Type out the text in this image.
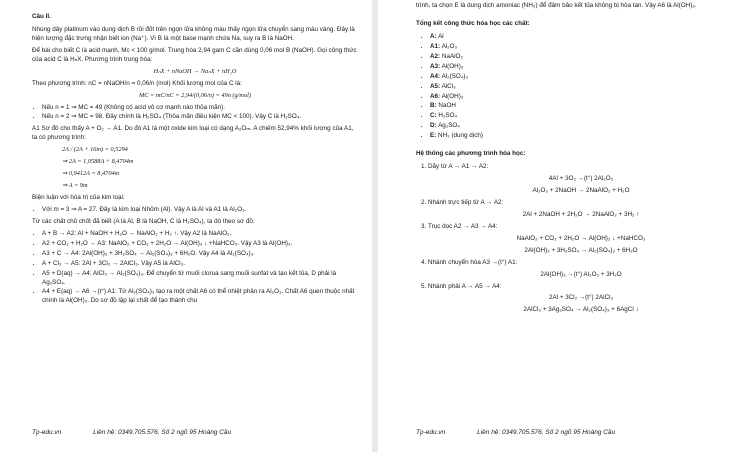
Câu II.

Nhúng dây platinum vào dung dịch B rồi đốt trên ngọn lửa không màu thấy ngọn lửa chuyển sang màu vàng. Đây là hiện tượng đặc trưng nhận biết ion (Na⁺). Vì B là một base mạnh chứa Na, suy ra B là NaOH.

Để bài cho biết C là acid mạnh, Mc < 100 g/mol. Trung hòa 2,94 gam C cần dùng 0,06 mol B (NaOH). Gọi công thức của acid C là HₙX. Phương trình trung hòa:

HₙX + nNaOH → NaₙX + nH₂O

Theo phương trình: nC = nNaOH/n = 0,06/n (mol) Khối lượng mol của C là:

MC = mC/nC = 2,94/(0,06/n) = 49n (g/mol)

• Nếu n = 1 ⇒ MC = 49 (Không có acid vô cơ mạnh nào thỏa mãn).
• Nếu n = 2 ⇒ MC = 98. Đây chính là H₂SO₄ (Thỏa mãn điều kiện MC < 100). Vậy C là H₂SO₄.

A1 Sơ đồ cho thấy A + O₂ → A1. Do đó A1 là một oxide kim loại có dạng A₂Oₘ. A chiếm 52,94% khối lượng của A1, ta có phương trình:

2A / (2A + 16m) = 0,5294

⇒ 2A = 1,0588A + 8,4704m

⇒ 0,9412A = 8,4704m

⇒ A = 9m

Biện luận với hóa trị của kim loại:

• Với m = 3 ⇒ A = 27. Đây là kim loại Nhôm (Al). Vậy A là Al và A1 là Al₂O₃.

Từ các chất chủ chốt đã biết (A là Al, B là NaOH, C là H₂SO₄), ta dò theo sơ đồ:

• A + B → A2: Al + NaOH + H₂O → NaAlO₂ + H₂ ↑. Vậy A2 là NaAlO₂.
• A2 + CO₂ + H₂O → A3: NaAlO₂ + CO₂ + 2H₂O → Al(OH)₃ ↓ +NaHCO₃. Vậy A3 là Al(OH)₃.
• A3 + C → A4: 2Al(OH)₃ + 3H₂SO₄ → Al₂(SO₄)₃ + 6H₂O. Vậy A4 là Al₂(SO₄)₃.
• A + Cl₂ → A5: 2Al + 3Cl₂ → 2AlCl₃. Vậy A5 là AlCl₃.
• A5 + D(aq) → A4: AlCl₃ → Al₂(SO₄)₃. Để chuyển từ muối clorua sang muối sunfat và tạo kết tủa, D phải là Ag₂SO₄.
• A4 + E(aq) → A6 →(t°) A1: Từ Al₂(SO₄)₃ tạo ra một chất A6 có thể nhiệt phân ra Al₂O₃. Chất A6 quen thuộc nhất chính là Al(OH)₃. Do sơ đồ lặp lại chất để tạo thành chu
Tp-edu.vn	Liên hệ: 0349.705.576. Số 2 ngõ 95 Hoàng Cầu

trình, ta chọn E là dung dịch amoniac (NH₃) để đảm bảo kết tủa không bị hòa tan. Vậy A6 là Al(OH)₃.

Tổng kết công thức hóa học các chất:

• A: Al
• A1: Al₂O₃
• A2: NaAlO₂
• A3: Al(OH)₃
• A4: Al₂(SO₄)₃
• A5: AlCl₃
• A6: Al(OH)₃
• B: NaOH
• C: H₂SO₄
• D: Ag₂SO₄
• E: NH₃ (dung dịch)

Hệ thống các phương trình hóa học:

1. Dãy từ A → A1 → A2:

4Al + 3O₂ →(t°) 2Al₂O₃

Al₂O₃ + 2NaOH → 2NaAlO₂ + H₂O

2. Nhánh trực tiếp từ A → A2:

2Al + 2NaOH + 2H₂O → 2NaAlO₂ + 3H₂ ↑

3. Trục dọc A2 → A3 → A4:

NaAlO₂ + CO₂ + 2H₂O → Al(OH)₃ ↓ +NaHCO₃

2Al(OH)₃ + 3H₂SO₄ → Al₂(SO₄)₃ + 6H₂O

4. Nhánh chuyển hóa A3 →(t°) A1:

2Al(OH)₃ →(t°) Al₂O₃ + 3H₂O

5. Nhánh phải A → A5 → A4:

2Al + 3Cl₂ →(t°) 2AlCl₃

2AlCl₃ + 3Ag₂SO₄ → Al₂(SO₄)₃ + 6AgCl ↓

Tp-edu.vn	Liên hệ: 0349.705.576. Số 2 ngõ 95 Hoàng Cầu
